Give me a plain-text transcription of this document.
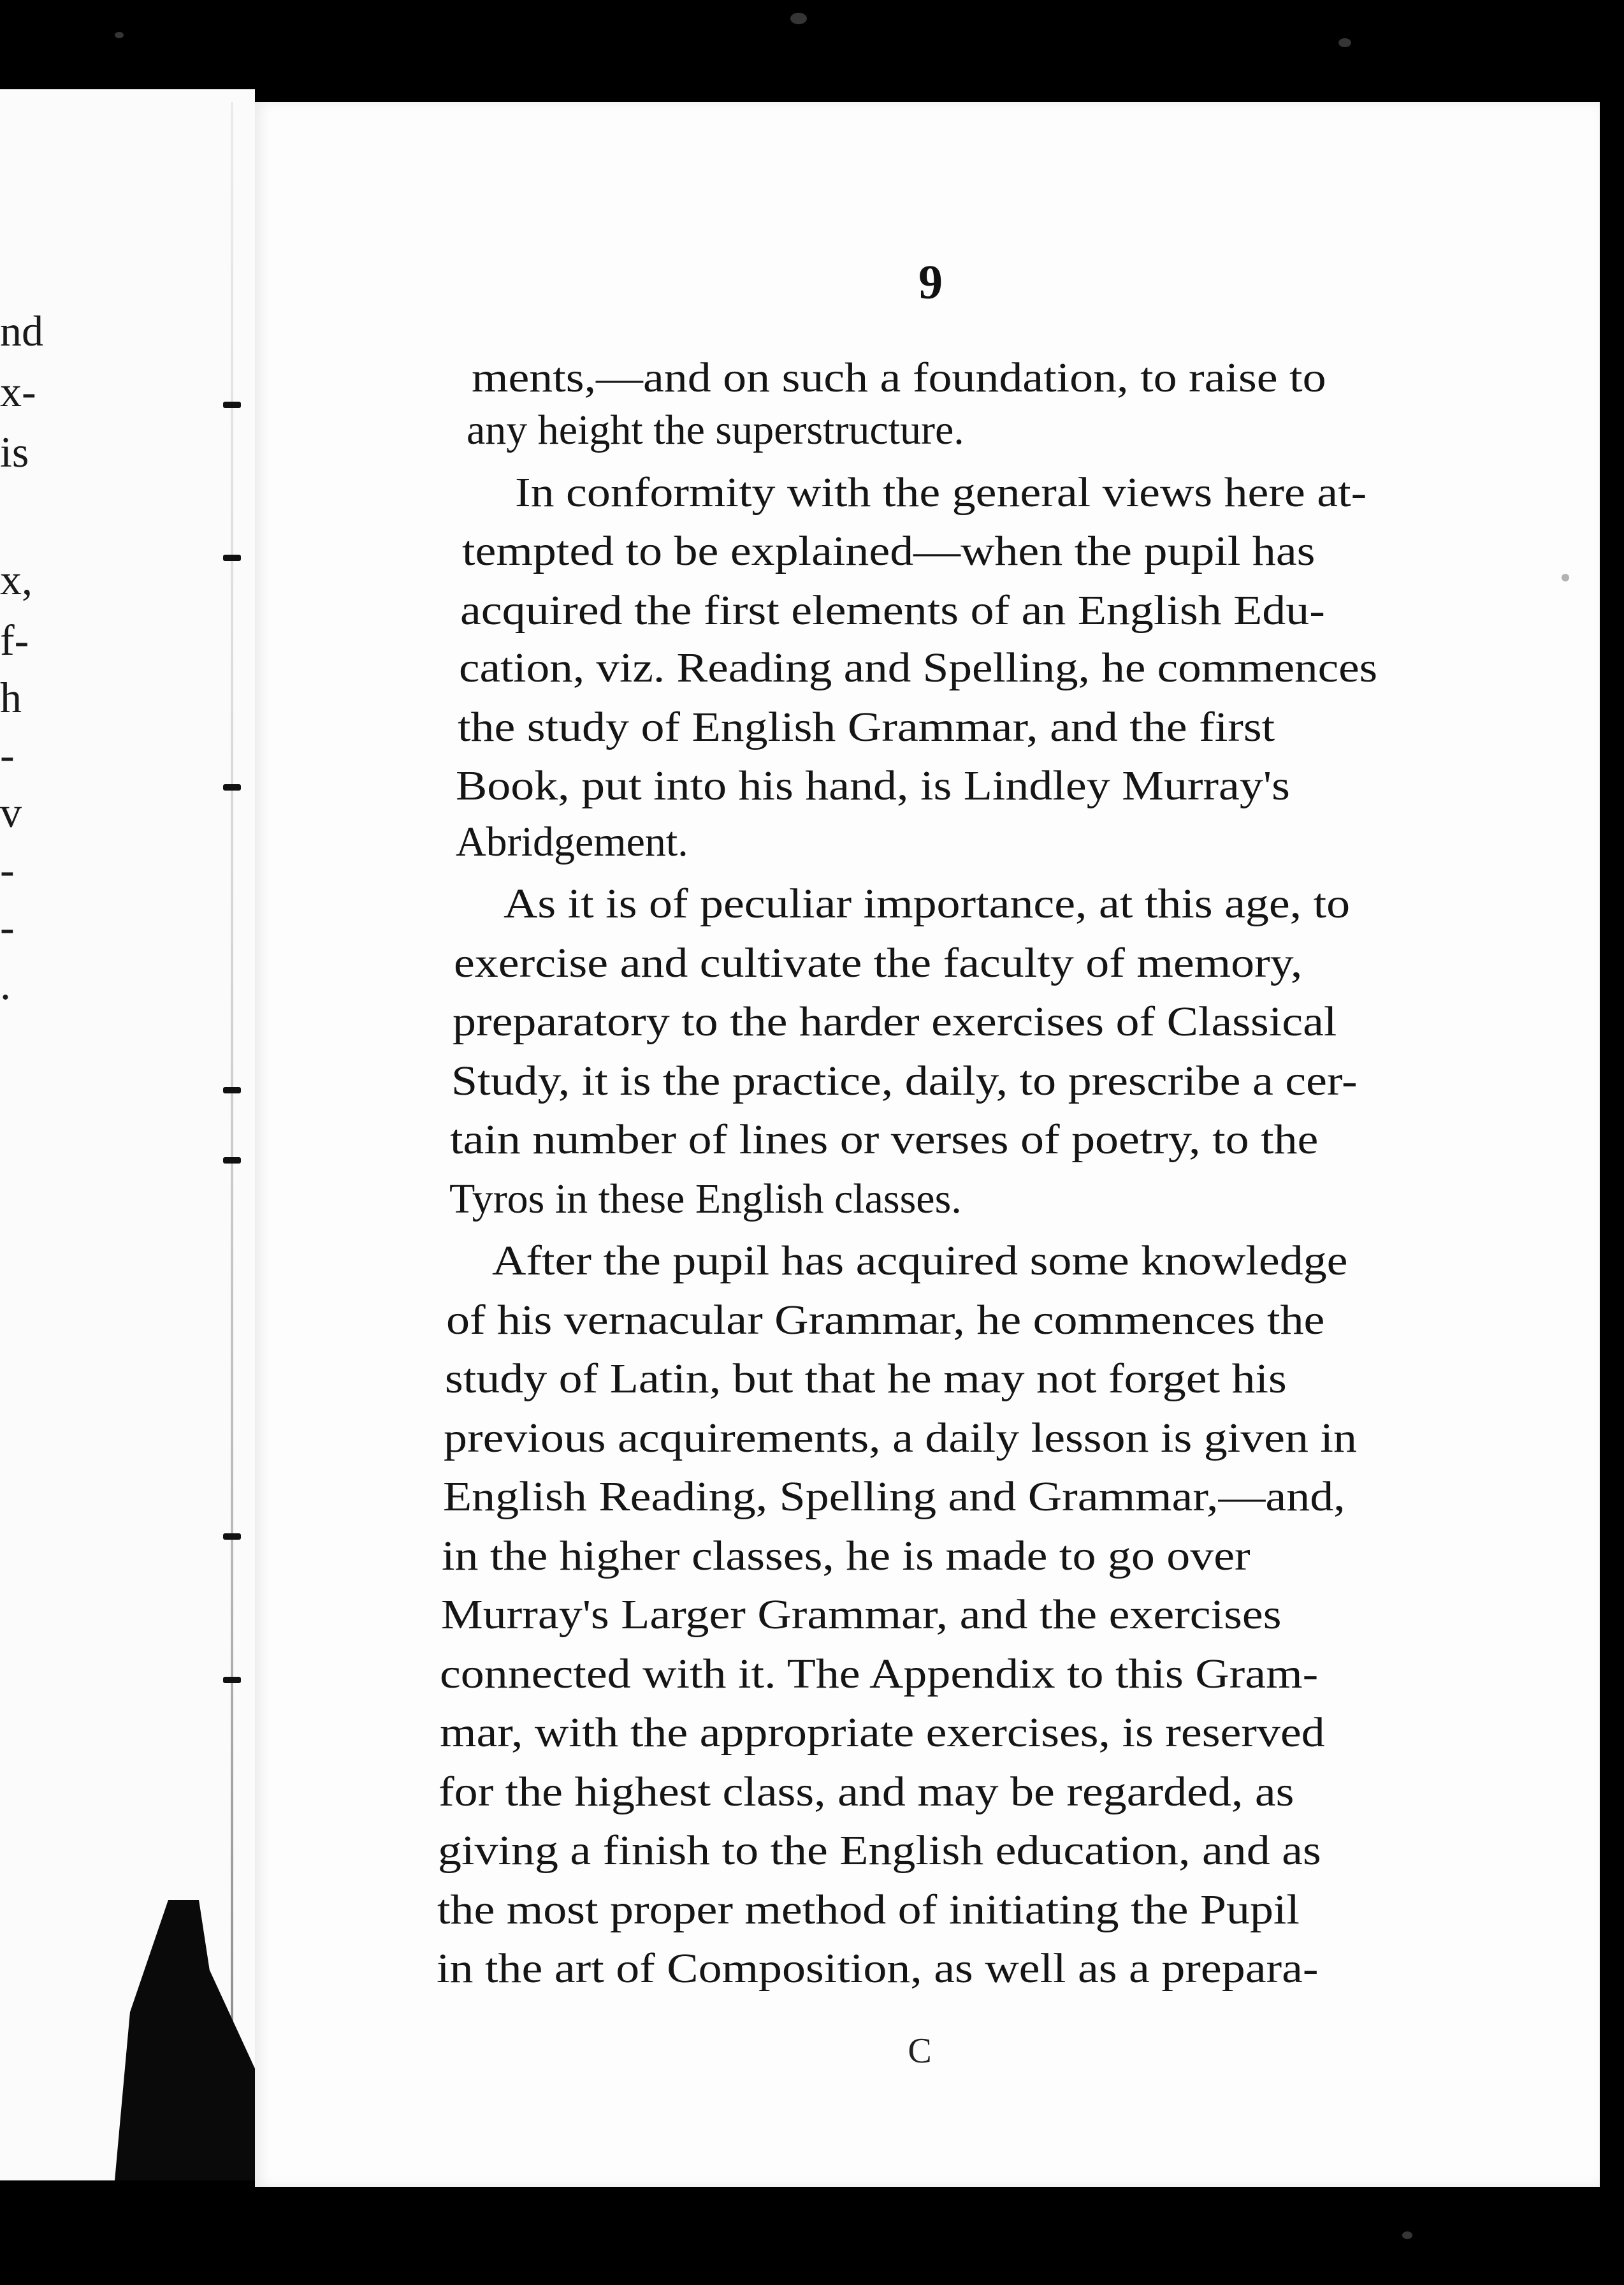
nd
x-
is
x,
f-
h
-
v
-
-
.
9
ments,—and on such a foundation, to raise to
any height the superstructure.
In conformity with the general views here at-
tempted to be explained—when the pupil has
acquired the first elements of an English Edu-
cation, viz. Reading and Spelling, he commences
the study of English Grammar, and the first
Book, put into his hand, is Lindley Murray's
Abridgement.
As it is of peculiar importance, at this age, to
exercise and cultivate the faculty of memory,
preparatory to the harder exercises of Classical
Study, it is the practice, daily, to prescribe a cer-
tain number of lines or verses of poetry, to the
Tyros in these English classes.
After the pupil has acquired some knowledge
of his vernacular Grammar, he commences the
study of Latin, but that he may not forget his
previous acquirements, a daily lesson is given in
English Reading, Spelling and Grammar,—and,
in the higher classes, he is made to go over
Murray's Larger Grammar, and the exercises
connected with it. The Appendix to this Gram-
mar, with the appropriate exercises, is reserved
for the highest class, and may be regarded, as
giving a finish to the English education, and as
the most proper method of initiating the Pupil
in the art of Composition, as well as a prepara-
C
